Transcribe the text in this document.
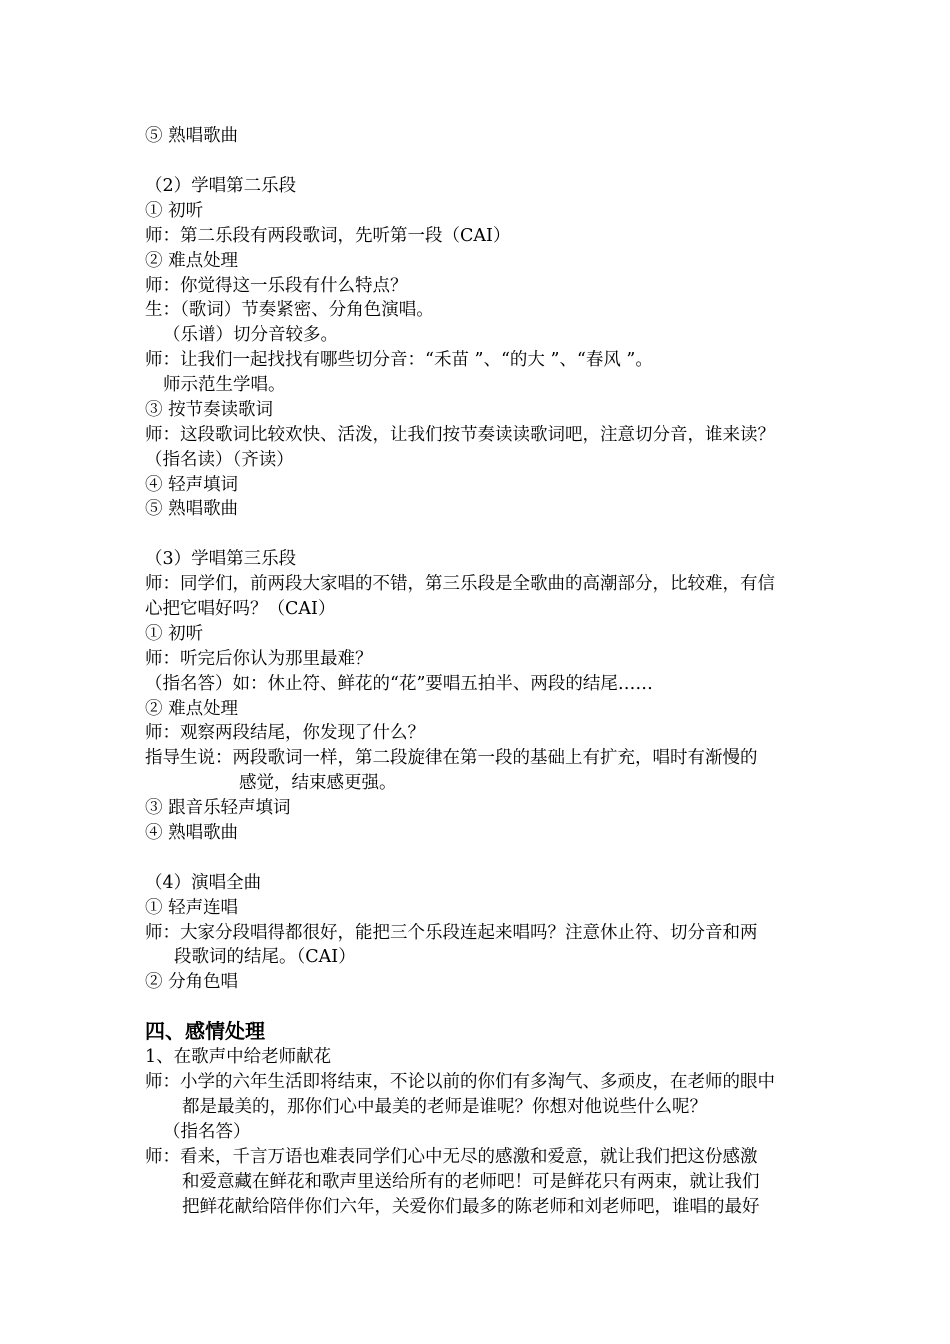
⑤ 熟唱歌曲
（2）学唱第二乐段
① 初听
师：第二乐段有两段歌词，先听第一段（CAI）
② 难点处理
师：你觉得这一乐段有什么特点？
生：（歌词）节奏紧密、分角色演唱。
（乐谱）切分音较多。
师：让我们一起找找有哪些切分音：“禾苗 ”、“的大 ”、“春风 ”。
师示范生学唱。
③ 按节奏读歌词
师：这段歌词比较欢快、活泼，让我们按节奏读读歌词吧，注意切分音，谁来读？
（指名读）（齐读）
④ 轻声填词
⑤ 熟唱歌曲
（3）学唱第三乐段
师：同学们，前两段大家唱的不错，第三乐段是全歌曲的高潮部分，比较难，有信
心把它唱好吗？（CAI）
① 初听
师：听完后你认为那里最难？
（指名答）如：休止符、鲜花的“花”要唱五拍半、两段的结尾……
② 难点处理
师：观察两段结尾，你发现了什么？
指导生说：两段歌词一样，第二段旋律在第一段的基础上有扩充，唱时有渐慢的
感觉，结束感更强。
③ 跟音乐轻声填词
④ 熟唱歌曲
（4）演唱全曲
① 轻声连唱
师：大家分段唱得都很好，能把三个乐段连起来唱吗？注意休止符、切分音和两
段歌词的结尾。（CAI）
② 分角色唱
四、感情处理
1、在歌声中给老师献花
师：小学的六年生活即将结束，不论以前的你们有多淘气、多顽皮，在老师的眼中
都是最美的，那你们心中最美的老师是谁呢？你想对他说些什么呢？
（指名答）
师：看来，千言万语也难表同学们心中无尽的感激和爱意，就让我们把这份感激
和爱意藏在鲜花和歌声里送给所有的老师吧！可是鲜花只有两束，就让我们
把鲜花献给陪伴你们六年，关爱你们最多的陈老师和刘老师吧，谁唱的最好
